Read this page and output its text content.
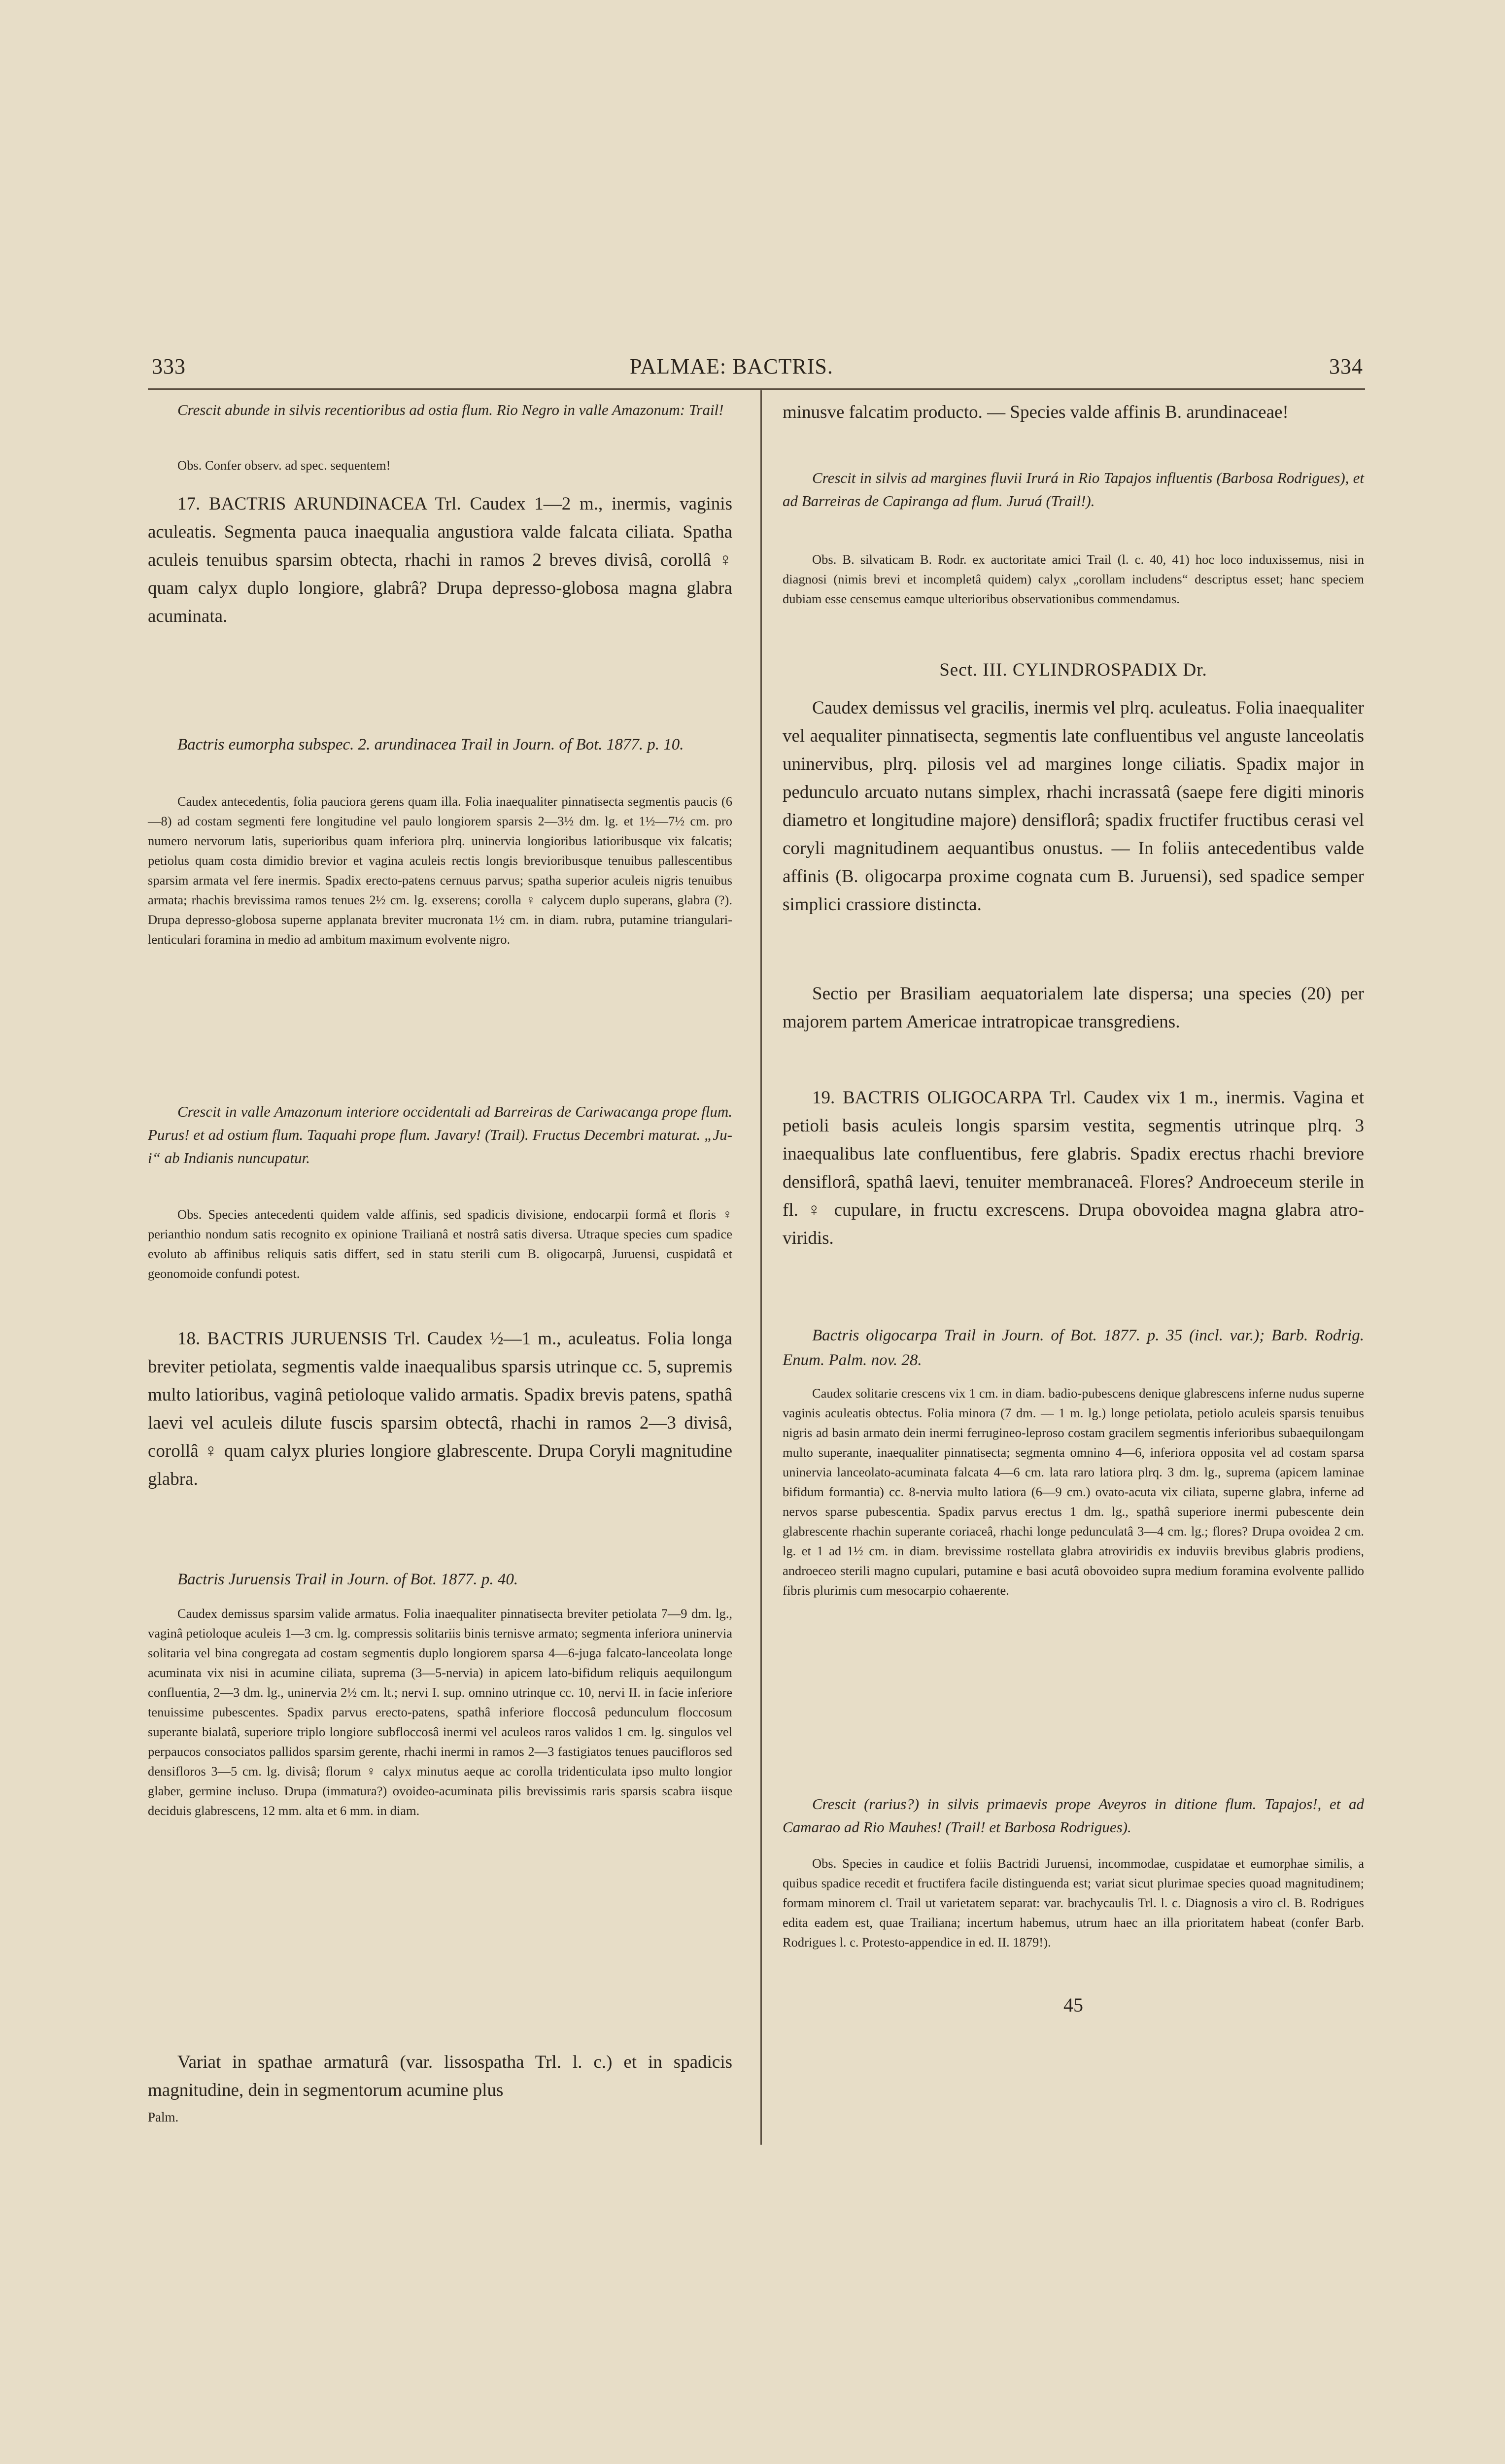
333	PALMAE: BACTRIS.	334

Crescit abunde in silvis recentioribus ad ostia flum. Rio Negro in valle Amazonum: Trail!

Obs. Confer observ. ad spec. sequentem!

17. BACTRIS ARUNDINACEA Trl. Caudex 1—2 m., inermis, vaginis aculeatis. Segmenta pauca inaequalia angustiora valde falcata ciliata. Spatha aculeis tenuibus sparsim obtecta, rhachi in ramos 2 breves divisâ, corollâ ♀ quam calyx duplo longiore, glabrâ? Drupa depresso-globosa magna glabra acuminata.

Bactris eumorpha subspec. 2. arundinacea Trail in Journ. of Bot. 1877. p. 10.

Caudex antecedentis, folia pauciora gerens quam illa. Folia inaequaliter pinnatisecta segmentis paucis (6—8) ad costam segmenti fere longitudine vel paulo longiorem sparsis 2—3½ dm. lg. et 1½—7½ cm. pro numero nervorum latis, superioribus quam inferiora plrq. uninervia longioribus latioribusque vix falcatis; petiolus quam costa dimidio brevior et vagina aculeis rectis longis brevioribusque tenuibus pallescentibus sparsim armata vel fere inermis. Spadix erecto-patens cernuus parvus; spatha superior aculeis nigris tenuibus armata; rhachis brevissima ramos tenues 2½ cm. lg. exserens; corolla ♀ calycem duplo superans, glabra (?). Drupa depresso-globosa superne applanata breviter mucronata 1½ cm. in diam. rubra, putamine triangulari-lenticulari foramina in medio ad ambitum maximum evolvente nigro.

Crescit in valle Amazonum interiore occidentali ad Barreiras de Cariwacanga prope flum. Purus! et ad ostium flum. Taquahi prope flum. Javary! (Trail). Fructus Decembri maturat. „Ju-i“ ab Indianis nuncupatur.

Obs. Species antecedenti quidem valde affinis, sed spadicis divisione, endocarpii formâ et floris ♀ perianthio nondum satis recognito ex opinione Trailianâ et nostrâ satis diversa. Utraque species cum spadice evoluto ab affinibus reliquis satis differt, sed in statu sterili cum B. oligocarpâ, Juruensi, cuspidatâ et geonomoide confundi potest.

18. BACTRIS JURUENSIS Trl. Caudex ½—1 m., aculeatus. Folia longa breviter petiolata, segmentis valde inaequalibus sparsis utrinque cc. 5, supremis multo latioribus, vaginâ petioloque valido armatis. Spadix brevis patens, spathâ laevi vel aculeis dilute fuscis sparsim obtectâ, rhachi in ramos 2—3 divisâ, corollâ ♀ quam calyx pluries longiore glabrescente. Drupa Coryli magnitudine glabra.

Bactris Juruensis Trail in Journ. of Bot. 1877. p. 40.

Caudex demissus sparsim valide armatus. Folia inaequaliter pinnatisecta breviter petiolata 7—9 dm. lg., vaginâ petioloque aculeis 1—3 cm. lg. compressis solitariis binis ternisve armato; segmenta inferiora uninervia solitaria vel bina congregata ad costam segmentis duplo longiorem sparsa 4—6-juga falcato-lanceolata longe acuminata vix nisi in acumine ciliata, suprema (3—5-nervia) in apicem lato-bifidum reliquis aequilongum confluentia, 2—3 dm. lg., uninervia 2½ cm. lt.; nervi I. sup. omnino utrinque cc. 10, nervi II. in facie inferiore tenuissime pubescentes. Spadix parvus erecto-patens, spathâ inferiore floccosâ pedunculum floccosum superante bialatâ, superiore triplo longiore subfloccosâ inermi vel aculeos raros validos 1 cm. lg. singulos vel perpaucos consociatos pallidos sparsim gerente, rhachi inermi in ramos 2—3 fastigiatos tenues paucifloros sed densifloros 3—5 cm. lg. divisâ; florum ♀ calyx minutus aeque ac corolla tridenticulata ipso multo longior glaber, germine incluso. Drupa (immatura?) ovoideo-acuminata pilis brevissimis raris sparsis scabra iisque deciduis glabrescens, 12 mm. alta et 6 mm. in diam.

Variat in spathae armaturâ (var. lissospatha Trl. l. c.) et in spadicis magnitudine, dein in segmentorum acumine plus

Palm.

minusve falcatim producto. — Species valde affinis B. arundinaceae!

Crescit in silvis ad margines fluvii Irurá in Rio Tapajos influentis (Barbosa Rodrigues), et ad Barreiras de Capiranga ad flum. Juruá (Trail!).

Obs. B. silvaticam B. Rodr. ex auctoritate amici Trail (l. c. 40, 41) hoc loco induxissemus, nisi in diagnosi (nimis brevi et incompletâ quidem) calyx „corollam includens“ descriptus esset; hanc speciem dubiam esse censemus eamque ulterioribus observationibus commendamus.

Sect. III. CYLINDROSPADIX Dr.

Caudex demissus vel gracilis, inermis vel plrq. aculeatus. Folia inaequaliter vel aequaliter pinnatisecta, segmentis late confluentibus vel anguste lanceolatis uninervibus, plrq. pilosis vel ad margines longe ciliatis. Spadix major in pedunculo arcuato nutans simplex, rhachi incrassatâ (saepe fere digiti minoris diametro et longitudine majore) densiflorâ; spadix fructifer fructibus cerasi vel coryli magnitudinem aequantibus onustus. — In foliis antecedentibus valde affinis (B. oligocarpa proxime cognata cum B. Juruensi), sed spadice semper simplici crassiore distincta.

Sectio per Brasiliam aequatorialem late dispersa; una species (20) per majorem partem Americae intratropicae transgrediens.

19. BACTRIS OLIGOCARPA Trl. Caudex vix 1 m., inermis. Vagina et petioli basis aculeis longis sparsim vestita, segmentis utrinque plrq. 3 inaequalibus late confluentibus, fere glabris. Spadix erectus rhachi breviore densiflorâ, spathâ laevi, tenuiter membranaceâ. Flores? Androeceum sterile in fl. ♀ cupulare, in fructu excrescens. Drupa obovoidea magna glabra atro-viridis.

Bactris oligocarpa Trail in Journ. of Bot. 1877. p. 35 (incl. var.); Barb. Rodrig. Enum. Palm. nov. 28.

Caudex solitarie crescens vix 1 cm. in diam. badio-pubescens denique glabrescens inferne nudus superne vaginis aculeatis obtectus. Folia minora (7 dm. — 1 m. lg.) longe petiolata, petiolo aculeis sparsis tenuibus nigris ad basin armato dein inermi ferrugineo-leproso costam gracilem segmentis inferioribus subaequilongam multo superante, inaequaliter pinnatisecta; segmenta omnino 4—6, inferiora opposita vel ad costam sparsa uninervia lanceolato-acuminata falcata 4—6 cm. lata raro latiora plrq. 3 dm. lg., suprema (apicem laminae bifidum formantia) cc. 8-nervia multo latiora (6—9 cm.) ovato-acuta vix ciliata, superne glabra, inferne ad nervos sparse pubescentia. Spadix parvus erectus 1 dm. lg., spathâ superiore inermi pubescente dein glabrescente rhachin superante coriaceâ, rhachi longe pedunculatâ 3—4 cm. lg.; flores? Drupa ovoidea 2 cm. lg. et 1 ad 1½ cm. in diam. brevissime rostellata glabra atroviridis ex induviis brevibus glabris prodiens, androeceo sterili magno cupulari, putamine e basi acutâ obovoideo supra medium foramina evolvente pallido fibris plurimis cum mesocarpio cohaerente.

Crescit (rarius?) in silvis primaevis prope Aveyros in ditione flum. Tapajos!, et ad Camarao ad Rio Mauhes! (Trail! et Barbosa Rodrigues).

Obs. Species in caudice et foliis Bactridi Juruensi, incommodae, cuspidatae et eumorphae similis, a quibus spadice recedit et fructifera facile distinguenda est; variat sicut plurimae species quoad magnitudinem; formam minorem cl. Trail ut varietatem separat: var. brachycaulis Trl. l. c. Diagnosis a viro cl. B. Rodrigues edita eadem est, quae Trailiana; incertum habemus, utrum haec an illa prioritatem habeat (confer Barb. Rodrigues l. c. Protesto-appendice in ed. II. 1879!).

45
